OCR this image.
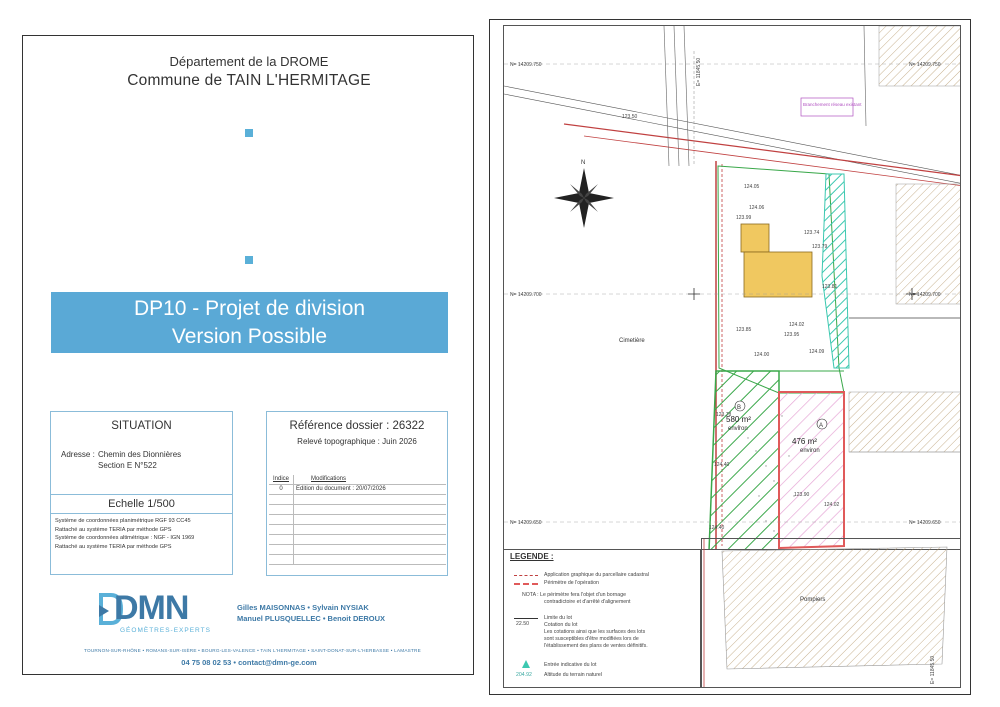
Département de la DROME
Commune de TAIN L'HERMITAGE
DP10 - Projet de division
Version Possible
SITUATION
Adresse : Chemin des Dionnières
Section E N°522
Echelle 1/500
Système de coordonnées planimétrique RGF 93 CC45
Rattaché au système TERIA par méthode GPS
Système de coordonnées altimétrique : NGF - IGN 1969
Rattaché au système TERIA par méthode GPS
Référence dossier : 26322
Relevé topographique : Juin 2026
Indice	Modifications
0	Edition du document : 20/07/2026
DMN
GÉOMÈTRES-EXPERTS
Gilles MAISONNAS • Sylvain NYSIAK
Manuel PLUSQUELLEC • Benoit DEROUX
TOURNON-SUR-RHÔNE • ROMANS-SUR-ISÈRE • BOURG-LES-VALENCE • TAIN L'HERMITAGE • SAINT-DONAT-SUR-L'HERBASSE • LAMASTRE
04 75 08 02 53 • contact@dmn-ge.com
N
124.05
124.06
123.99
123.74
123.79
123.81
123.85
123.95
124.09
124.00
124.02
123.50
123.78
124.40
123.90
124.02
124.40
Branchement réseau existant
N= 14209.750	N= 14209.750
N= 14209.700	N= 14209.700
N= 14209.650	N= 14209.650
E= 11845.50
Cimetière
B
580 m²
environ	A
476 m²
environ
LEGENDE :
Application graphique du parcellaire cadastral
Périmètre de l'opération
NOTA : Le périmètre fera l'objet d'un bornage
contradictoire et d'arrêté d'alignement
Limite du lot
22.50	Cotation du lot
Les cotations ainsi que les surfaces des lots
sont susceptibles d'être modifiées lors de
l'établissement des plans de ventes définitifs.
Entrée indicative du lot
204.92 Altitude du terrain naturel
Pompiers
E= 11845.50
